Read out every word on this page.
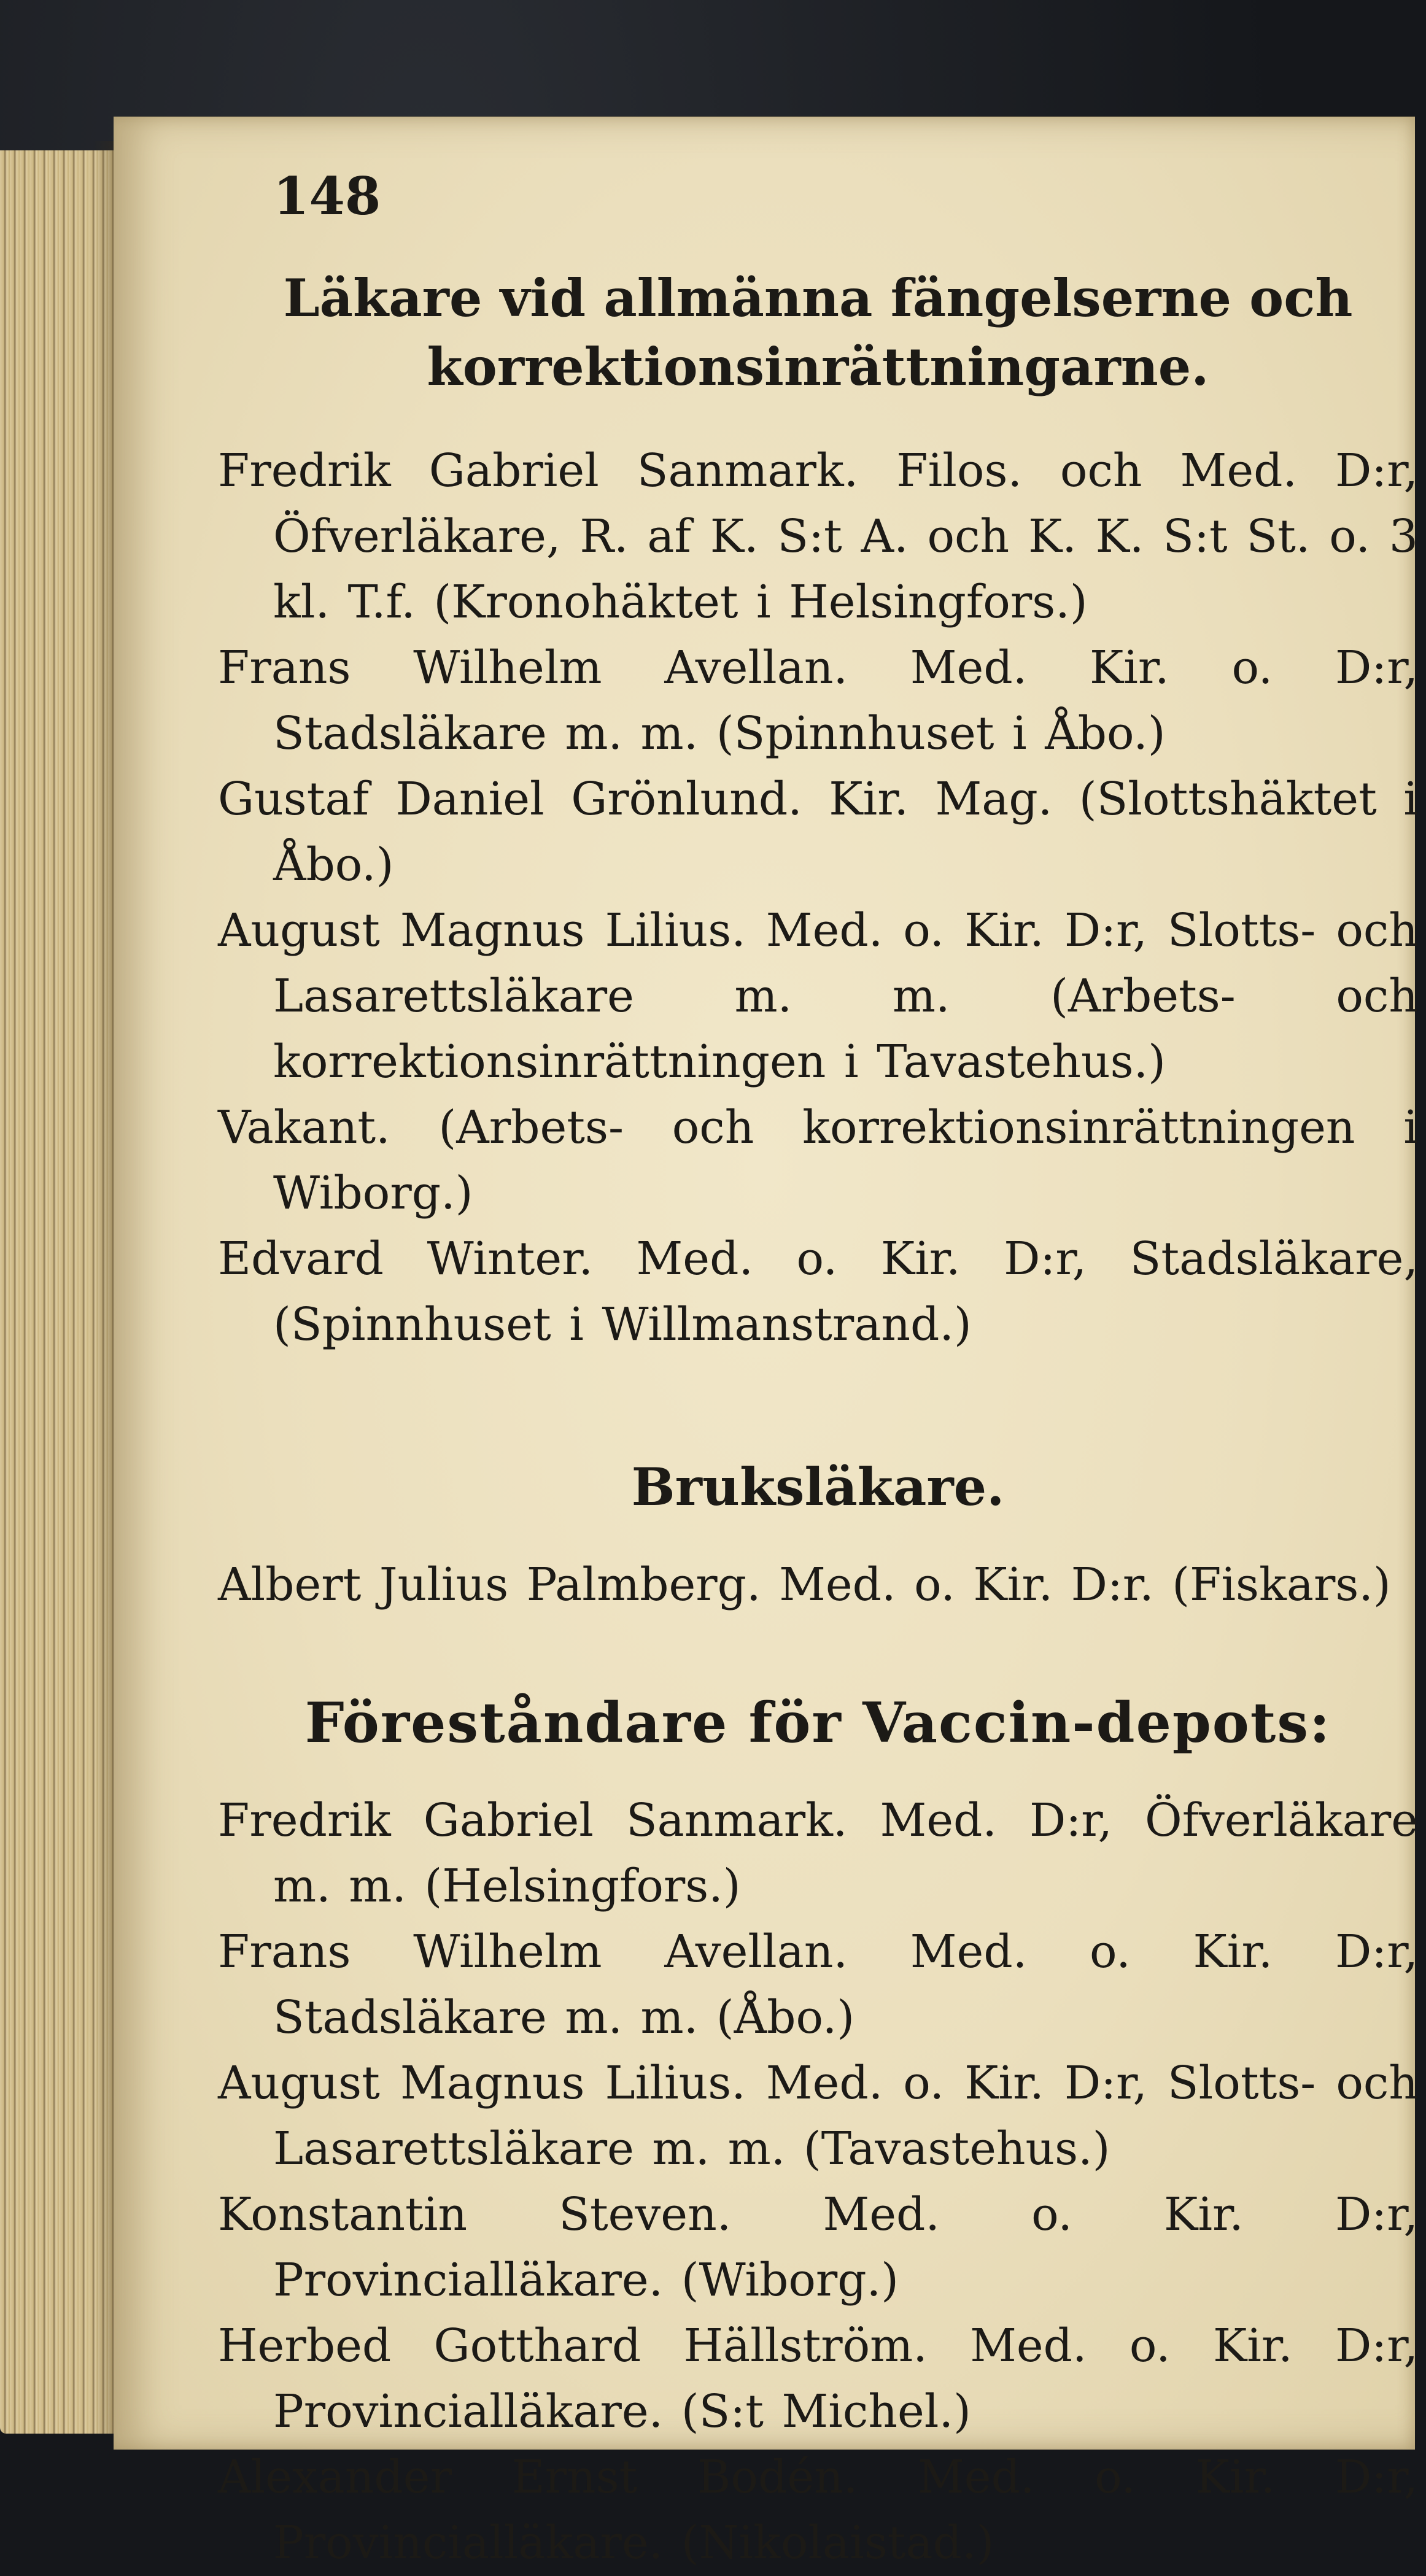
148
Läkare vid allmänna fängelserne och
korrektionsinrättningarne.

Fredrik Gabriel Sanmark. Filos. och Med. D:r, Öfverläkare, R. af K. S:t A. och K. K. S:t St. o. 3 kl. T.f. (Kronohäktet i Helsingfors.)

Frans Wilhelm Avellan. Med. Kir. o. D:r, Stadsläkare m. m. (Spinnhuset i Åbo.)

Gustaf Daniel Grönlund. Kir. Mag. (Slottshäktet i Åbo.)

August Magnus Lilius. Med. o. Kir. D:r, Slotts- och Lasarettsläkare m. m. (Arbets- och korrektionsinrättningen i Tavastehus.)

Vakant. (Arbets- och korrektionsinrättningen i Wiborg.)

Edvard Winter. Med. o. Kir. D:r, Stadsläkare, (Spinnhuset i Willmanstrand.)

Bruksläkare.

Albert Julius Palmberg. Med. o. Kir. D:r. (Fiskars.)

Föreståndare för Vaccin-depots:

Fredrik Gabriel Sanmark. Med. D:r, Öfverläkare m. m. (Helsingfors.)

Frans Wilhelm Avellan. Med. o. Kir. D:r, Stadsläkare m. m. (Åbo.)

August Magnus Lilius. Med. o. Kir. D:r, Slotts- och Lasarettsläkare m. m. (Tavastehus.)

Konstantin Steven. Med. o. Kir. D:r, Provincialläkare. (Wiborg.)

Herbed Gotthard Hällström. Med. o. Kir. D:r, Provincialläkare. (S:t Michel.)

Alexander Ernst Bodén. Med. o. Kir. D:r, Provincialläkare. (Nikolaistad.)
